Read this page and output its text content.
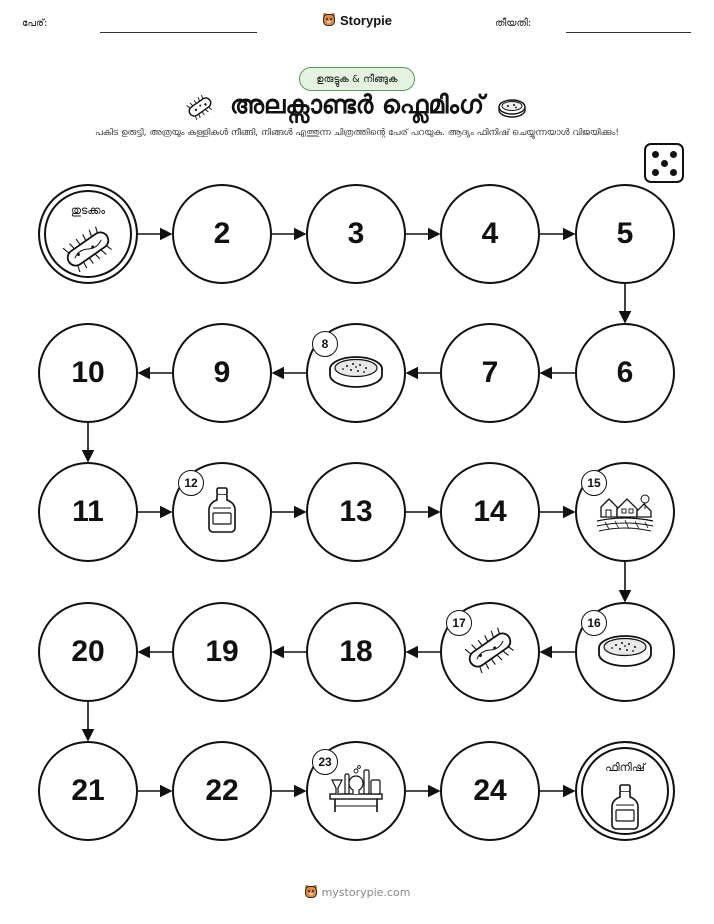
പേര്:	തീയതി:
Storypie
ഉരുട്ടുക & നീങ്ങുക
അലക്സാണ്ടർ ഫ്ലെമിംഗ്
പകിട ഉരുട്ടി, അത്രയും കള്ളികൾ നീങ്ങി, നിങ്ങൾ എത്തുന്ന ചിത്രത്തിന്റെ പേര് പറയുക. ആദ്യം ഫിനിഷ് ചെയ്യുന്നയാൾ വിജയിക്കും!
തുടക്കം
2	3	4	5
6
7
8
9
10
11
12
13	14
15
16
17
18
19
20
21	22
23
24
ഫിനിഷ്
mystorypie.com
